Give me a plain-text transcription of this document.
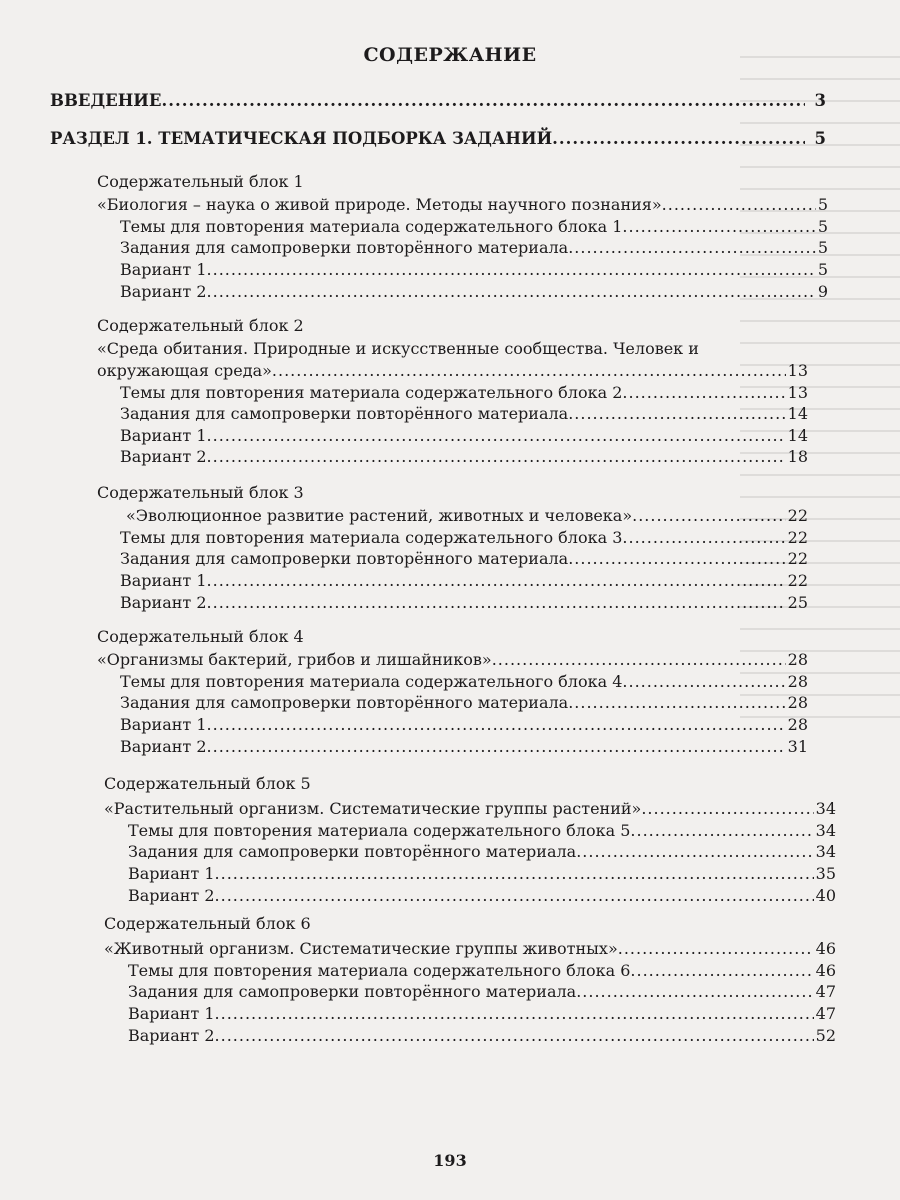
СОДЕРЖАНИЕ
ВВЕДЕНИЕ .....	3
РАЗДЕЛ 1. ТЕМАТИЧЕСКАЯ ПОДБОРКА ЗАДАНИЙ .....	5
Содержательный блок 1
«Биология – наука о живой природе. Методы научного познания» .....	5
Темы для повторения материала содержательного блока 1 .....	5
Задания для самопроверки повторённого материала .....	5
Вариант 1 .....	5
Вариант 2 .....	9
Содержательный блок 2
«Среда обитания. Природные и искусственные сообщества. Человек и
окружающая среда» .....	13
Темы для повторения материала содержательного блока 2 .....	13
Задания для самопроверки повторённого материала .....	14
Вариант 1 .....	14
Вариант 2 .....	18
Содержательный блок 3
«Эволюционное развитие растений, животных и человека» .....	22
Темы для повторения материала содержательного блока 3 .....	22
Задания для самопроверки повторённого материала .....	22
Вариант 1 .....	22
Вариант 2 .....	25
Содержательный блок 4
«Организмы бактерий, грибов и лишайников» .....	28
Темы для повторения материала содержательного блока 4 .....	28
Задания для самопроверки повторённого материала .....	28
Вариант 1 .....	28
Вариант 2 .....	31
Содержательный блок 5
«Растительный организм. Систематические группы растений» .....	34
Темы для повторения материала содержательного блока 5 .....	34
Задания для самопроверки повторённого материала .....	34
Вариант 1 .....	35
Вариант 2 .....	40
Содержательный блок 6
«Животный организм. Систематические группы животных» .....	46
Темы для повторения материала содержательного блока 6 .....	46
Задания для самопроверки повторённого материала .....	47
Вариант 1 .....	47
Вариант 2 .....	52
193
